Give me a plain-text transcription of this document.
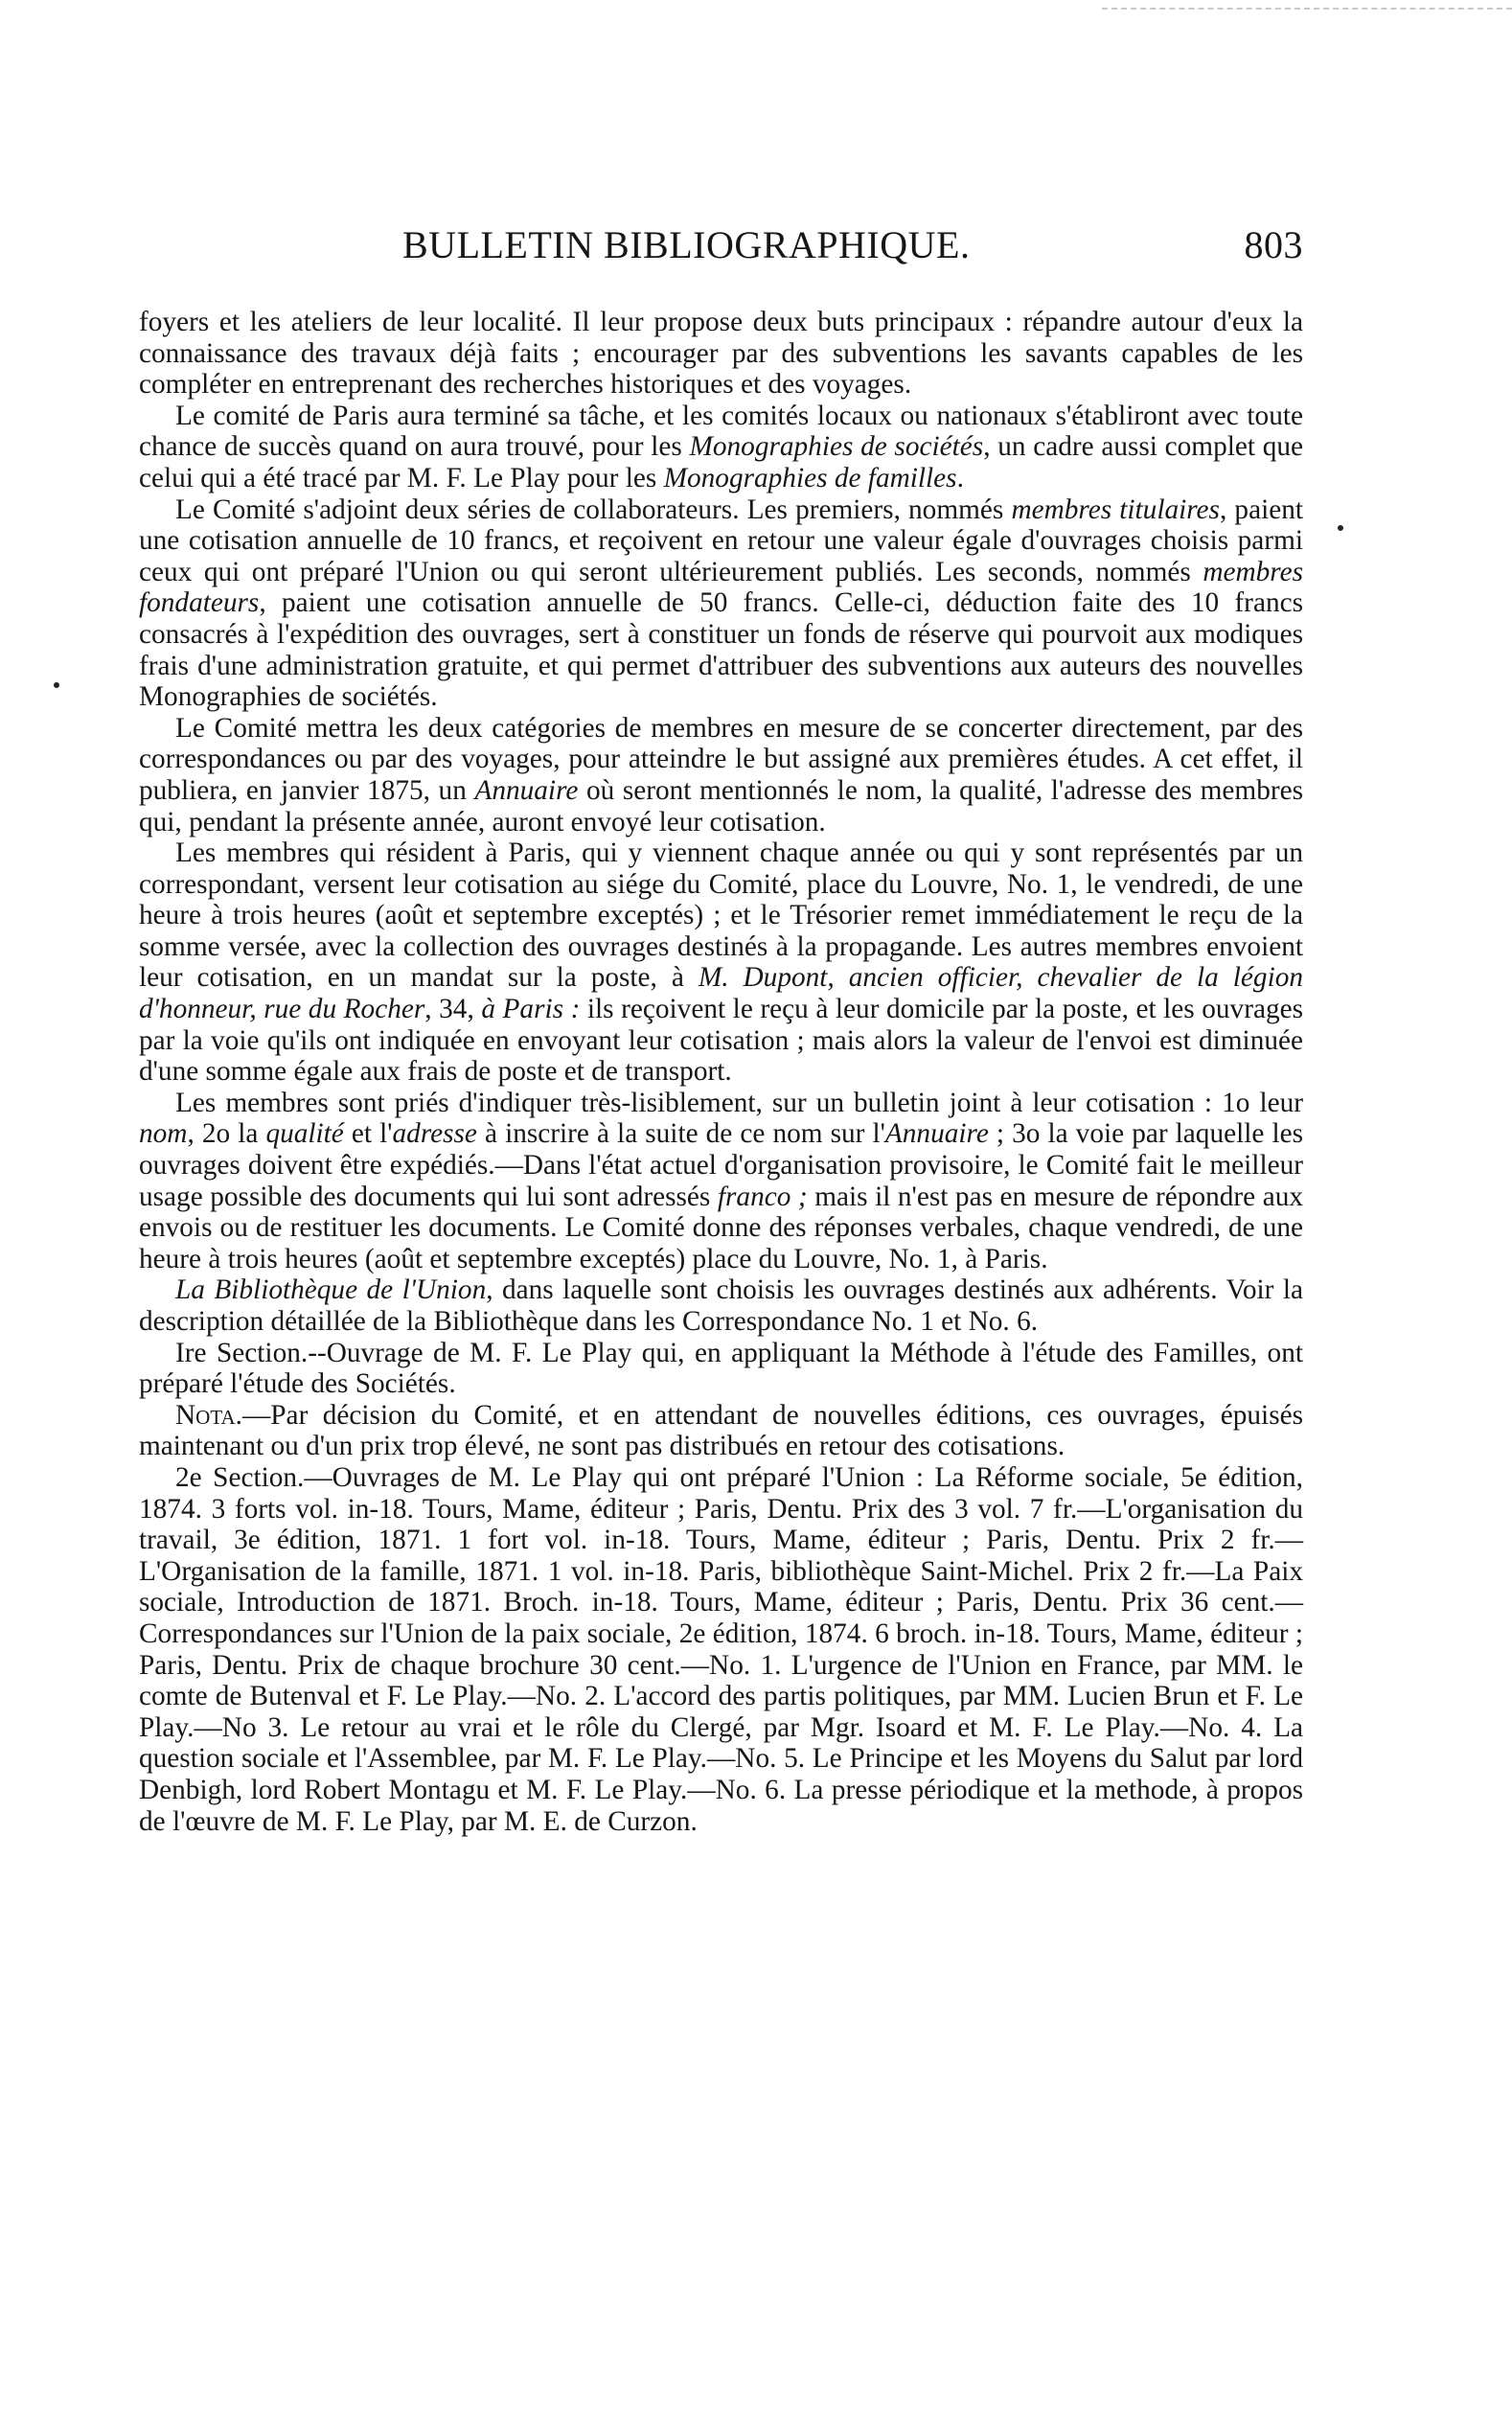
BULLETIN BIBLIOGRAPHIQUE.	803

foyers et les ateliers de leur localité. Il leur propose deux buts principaux : répandre autour d'eux la connaissance des travaux déjà faits ; encourager par des subventions les savants capables de les compléter en entreprenant des recherches historiques et des voyages.

Le comité de Paris aura terminé sa tâche, et les comités locaux ou nationaux s'établiront avec toute chance de succès quand on aura trouvé, pour les Monographies de sociétés, un cadre aussi complet que celui qui a été tracé par M. F. Le Play pour les Monographies de familles.

Le Comité s'adjoint deux séries de collaborateurs. Les premiers, nommés membres titulaires, paient une cotisation annuelle de 10 francs, et reçoivent en retour une valeur égale d'ouvrages choisis parmi ceux qui ont préparé l'Union ou qui seront ultérieurement publiés. Les seconds, nommés membres fondateurs, paient une cotisation annuelle de 50 francs. Celle-ci, déduction faite des 10 francs consacrés à l'expédition des ouvrages, sert à constituer un fonds de réserve qui pourvoit aux modiques frais d'une administration gratuite, et qui permet d'attribuer des subventions aux auteurs des nouvelles Monographies de sociétés.

Le Comité mettra les deux catégories de membres en mesure de se concerter directement, par des correspondances ou par des voyages, pour atteindre le but assigné aux premières études. A cet effet, il publiera, en janvier 1875, un Annuaire où seront mentionnés le nom, la qualité, l'adresse des membres qui, pendant la présente année, auront envoyé leur cotisation.

Les membres qui résident à Paris, qui y viennent chaque année ou qui y sont représentés par un correspondant, versent leur cotisation au siége du Comité, place du Louvre, No. 1, le vendredi, de une heure à trois heures (août et septembre exceptés) ; et le Trésorier remet immédiatement le reçu de la somme versée, avec la collection des ouvrages destinés à la propagande. Les autres membres envoient leur cotisation, en un mandat sur la poste, à M. Dupont, ancien officier, chevalier de la légion d'honneur, rue du Rocher, 34, à Paris : ils reçoivent le reçu à leur domicile par la poste, et les ouvrages par la voie qu'ils ont indiquée en envoyant leur cotisation ; mais alors la valeur de l'envoi est diminuée d'une somme égale aux frais de poste et de transport.

Les membres sont priés d'indiquer très-lisiblement, sur un bulletin joint à leur cotisation : 1o leur nom, 2o la qualité et l'adresse à inscrire à la suite de ce nom sur l'Annuaire ; 3o la voie par laquelle les ouvrages doivent être expédiés.—Dans l'état actuel d'organisation provisoire, le Comité fait le meilleur usage possible des documents qui lui sont adressés franco ; mais il n'est pas en mesure de répondre aux envois ou de restituer les documents. Le Comité donne des réponses verbales, chaque vendredi, de une heure à trois heures (août et septembre exceptés) place du Louvre, No. 1, à Paris.

La Bibliothèque de l'Union, dans laquelle sont choisis les ouvrages destinés aux adhérents. Voir la description détaillée de la Bibliothèque dans les Correspondance No. 1 et No. 6.

Ire Section.--Ouvrage de M. F. Le Play qui, en appliquant la Méthode à l'étude des Familles, ont préparé l'étude des Sociétés.

Nota.—Par décision du Comité, et en attendant de nouvelles éditions, ces ouvrages, épuisés maintenant ou d'un prix trop élevé, ne sont pas distribués en retour des cotisations.

2e Section.—Ouvrages de M. Le Play qui ont préparé l'Union : La Réforme sociale, 5e édition, 1874. 3 forts vol. in-18. Tours, Mame, éditeur ; Paris, Dentu. Prix des 3 vol. 7 fr.—L'organisation du travail, 3e édition, 1871. 1 fort vol. in-18. Tours, Mame, éditeur ; Paris, Dentu. Prix 2 fr.—L'Organisation de la famille, 1871. 1 vol. in-18. Paris, bibliothèque Saint-Michel. Prix 2 fr.—La Paix sociale, Introduction de 1871. Broch. in-18. Tours, Mame, éditeur ; Paris, Dentu. Prix 36 cent.—Correspondances sur l'Union de la paix sociale, 2e édition, 1874. 6 broch. in-18. Tours, Mame, éditeur ; Paris, Dentu. Prix de chaque brochure 30 cent.—No. 1. L'urgence de l'Union en France, par MM. le comte de Butenval et F. Le Play.—No. 2. L'accord des partis politiques, par MM. Lucien Brun et F. Le Play.—No 3. Le retour au vrai et le rôle du Clergé, par Mgr. Isoard et M. F. Le Play.—No. 4. La question sociale et l'Assemblee, par M. F. Le Play.—No. 5. Le Principe et les Moyens du Salut par lord Denbigh, lord Robert Montagu et M. F. Le Play.—No. 6. La presse périodique et la methode, à propos de l'œuvre de M. F. Le Play, par M. E. de Curzon.
